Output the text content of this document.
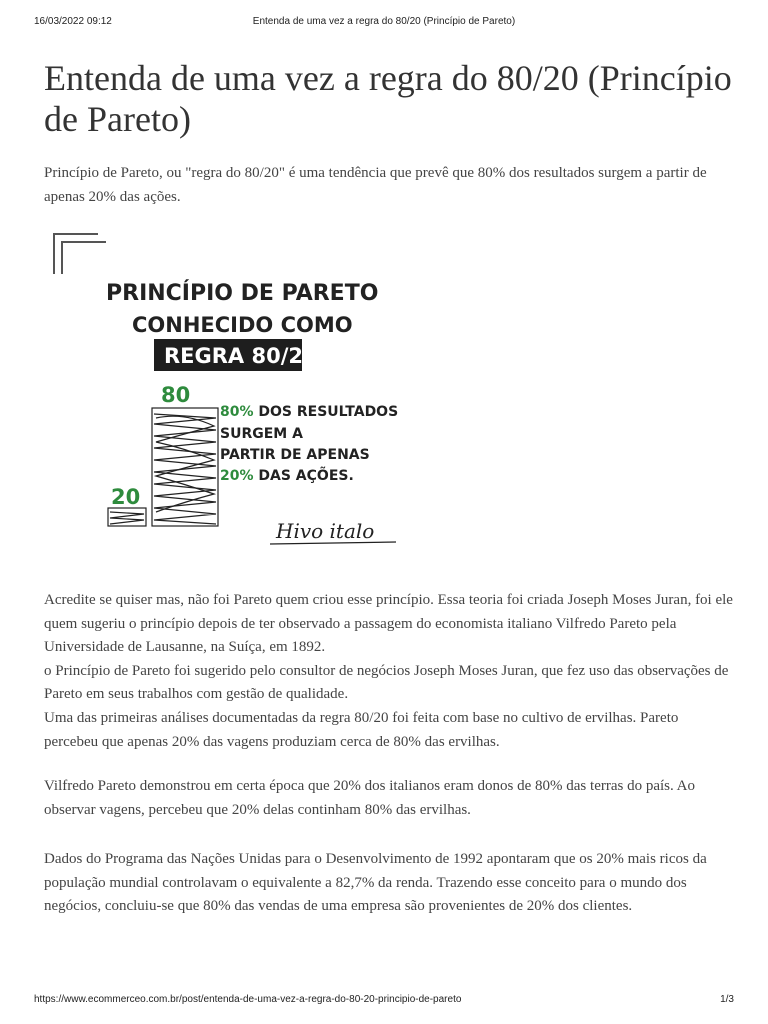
16/03/2022 09:12	Entenda de uma vez a regra do 80/20 (Princípio de Pareto)
Entenda de uma vez a regra do 80/20 (Princípio de Pareto)

Princípio de Pareto, ou "regra do 80/20" é uma tendência que prevê que 80% dos resultados surgem a partir de apenas 20% das ações.

PRINCÍPIO DE PARETO
CONHECIDO COMO
REGRA 80/20
80
20
80% DOS RESULTADOS
SURGEM A
PARTIR DE APENAS
20% DAS AÇÕES.
Hivo italo
Acredite se quiser mas, não foi Pareto quem criou esse princípio. Essa teoria foi criada Joseph Moses Juran, foi ele quem sugeriu o princípio depois de ter observado a passagem do economista italiano Vilfredo Pareto pela Universidade de Lausanne, na Suíça, em 1892.
o Princípio de Pareto foi sugerido pelo consultor de negócios Joseph Moses Juran, que fez uso das observações de Pareto em seus trabalhos com gestão de qualidade.
Uma das primeiras análises documentadas da regra 80/20 foi feita com base no cultivo de ervilhas. Pareto percebeu que apenas 20% das vagens produziam cerca de 80% das ervilhas.

Vilfredo Pareto demonstrou em certa época que 20% dos italianos eram donos de 80% das terras do país. Ao observar vagens, percebeu que 20% delas continham 80% das ervilhas.

Dados do Programa das Nações Unidas para o Desenvolvimento de 1992 apontaram que os 20% mais ricos da população mundial controlavam o equivalente a 82,7% da renda. Trazendo esse conceito para o mundo dos negócios, concluiu-se que 80% das vendas de uma empresa são provenientes de 20% dos clientes.

https://www.ecommerceo.com.br/post/entenda-de-uma-vez-a-regra-do-80-20-principio-de-pareto	1/3
